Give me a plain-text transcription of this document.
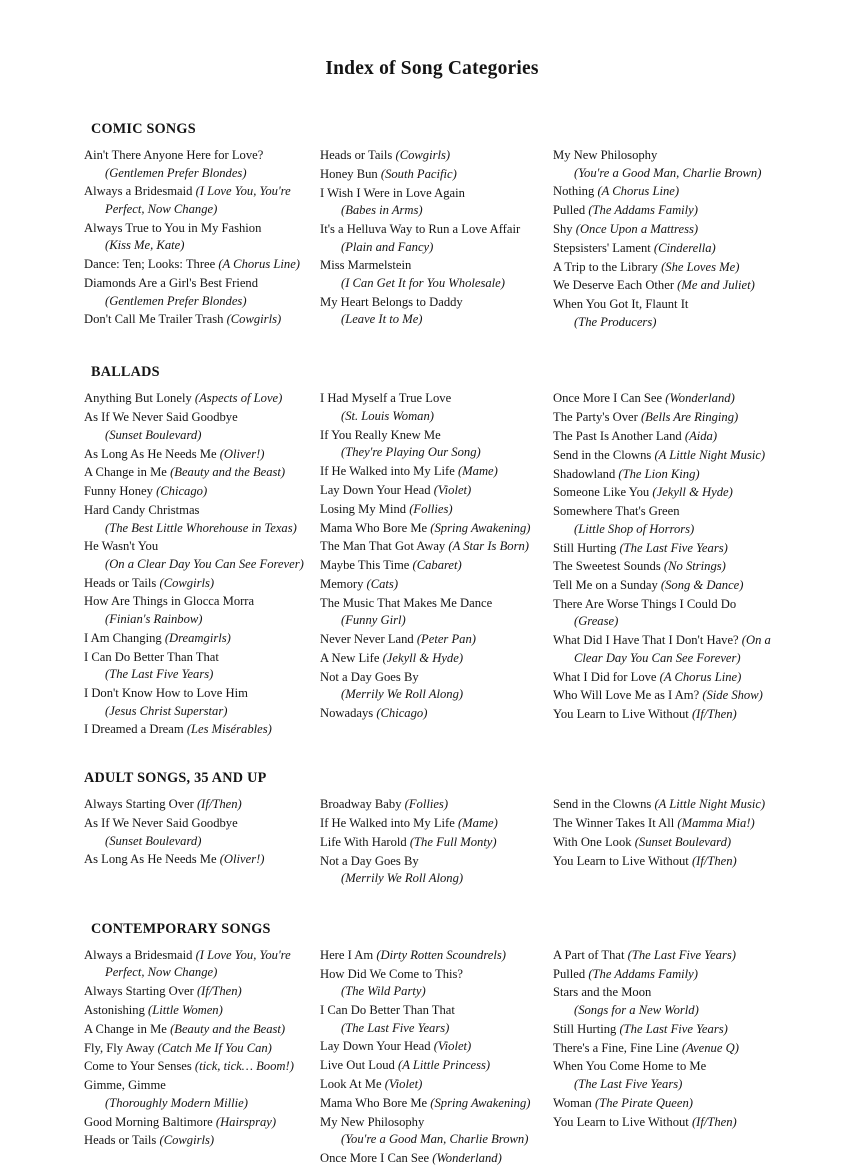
Index of Song Categories
COMIC SONGS
Ain't There Anyone Here for Love?
(Gentlemen Prefer Blondes)
Always a Bridesmaid (I Love You, You're Perfect, Now Change)
Always True to You in My Fashion
(Kiss Me, Kate)
Dance: Ten; Looks: Three (A Chorus Line)
Diamonds Are a Girl's Best Friend
(Gentlemen Prefer Blondes)
Don't Call Me Trailer Trash (Cowgirls)
Heads or Tails (Cowgirls)
Honey Bun (South Pacific)
I Wish I Were in Love Again
(Babes in Arms)
It's a Helluva Way to Run a Love Affair
(Plain and Fancy)
Miss Marmelstein
(I Can Get It for You Wholesale)
My Heart Belongs to Daddy
(Leave It to Me)
My New Philosophy
(You're a Good Man, Charlie Brown)
Nothing (A Chorus Line)
Pulled (The Addams Family)
Shy (Once Upon a Mattress)
Stepsisters' Lament (Cinderella)
A Trip to the Library (She Loves Me)
We Deserve Each Other (Me and Juliet)
When You Got It, Flaunt It
(The Producers)
BALLADS
Anything But Lonely (Aspects of Love)
As If We Never Said Goodbye
(Sunset Boulevard)
As Long As He Needs Me (Oliver!)
A Change in Me (Beauty and the Beast)
Funny Honey (Chicago)
Hard Candy Christmas
(The Best Little Whorehouse in Texas)
He Wasn't You
(On a Clear Day You Can See Forever)
Heads or Tails (Cowgirls)
How Are Things in Glocca Morra
(Finian's Rainbow)
I Am Changing (Dreamgirls)
I Can Do Better Than That
(The Last Five Years)
I Don't Know How to Love Him
(Jesus Christ Superstar)
I Dreamed a Dream (Les Misérables)
I Had Myself a True Love
(St. Louis Woman)
If You Really Knew Me
(They're Playing Our Song)
If He Walked into My Life (Mame)
Lay Down Your Head (Violet)
Losing My Mind (Follies)
Mama Who Bore Me (Spring Awakening)
The Man That Got Away (A Star Is Born)
Maybe This Time (Cabaret)
Memory (Cats)
The Music That Makes Me Dance
(Funny Girl)
Never Never Land (Peter Pan)
A New Life (Jekyll & Hyde)
Not a Day Goes By
(Merrily We Roll Along)
Nowadays (Chicago)
Once More I Can See (Wonderland)
The Party's Over (Bells Are Ringing)
The Past Is Another Land (Aida)
Send in the Clowns (A Little Night Music)
Shadowland (The Lion King)
Someone Like You (Jekyll & Hyde)
Somewhere That's Green
(Little Shop of Horrors)
Still Hurting (The Last Five Years)
The Sweetest Sounds (No Strings)
Tell Me on a Sunday (Song & Dance)
There Are Worse Things I Could Do
(Grease)
What Did I Have That I Don't Have? (On a Clear Day You Can See Forever)
What I Did for Love (A Chorus Line)
Who Will Love Me as I Am? (Side Show)
You Learn to Live Without (If/Then)
ADULT SONGS, 35 AND UP
Always Starting Over (If/Then)
As If We Never Said Goodbye
(Sunset Boulevard)
As Long As He Needs Me (Oliver!)
Broadway Baby (Follies)
If He Walked into My Life (Mame)
Life With Harold (The Full Monty)
Not a Day Goes By
(Merrily We Roll Along)
Send in the Clowns (A Little Night Music)
The Winner Takes It All (Mamma Mia!)
With One Look (Sunset Boulevard)
You Learn to Live Without (If/Then)
CONTEMPORARY SONGS
Always a Bridesmaid (I Love You, You're Perfect, Now Change)
Always Starting Over (If/Then)
Astonishing (Little Women)
A Change in Me (Beauty and the Beast)
Fly, Fly Away (Catch Me If You Can)
Come to Your Senses (tick, tick… Boom!)
Gimme, Gimme
(Thoroughly Modern Millie)
Good Morning Baltimore (Hairspray)
Heads or Tails (Cowgirls)
Here I Am (Dirty Rotten Scoundrels)
How Did We Come to This?
(The Wild Party)
I Can Do Better Than That
(The Last Five Years)
Lay Down Your Head (Violet)
Live Out Loud (A Little Princess)
Look At Me (Violet)
Mama Who Bore Me (Spring Awakening)
My New Philosophy
(You're a Good Man, Charlie Brown)
Once More I Can See (Wonderland)
A Part of That (The Last Five Years)
Pulled (The Addams Family)
Stars and the Moon
(Songs for a New World)
Still Hurting (The Last Five Years)
There's a Fine, Fine Line (Avenue Q)
When You Come Home to Me
(The Last Five Years)
Woman (The Pirate Queen)
You Learn to Live Without (If/Then)
